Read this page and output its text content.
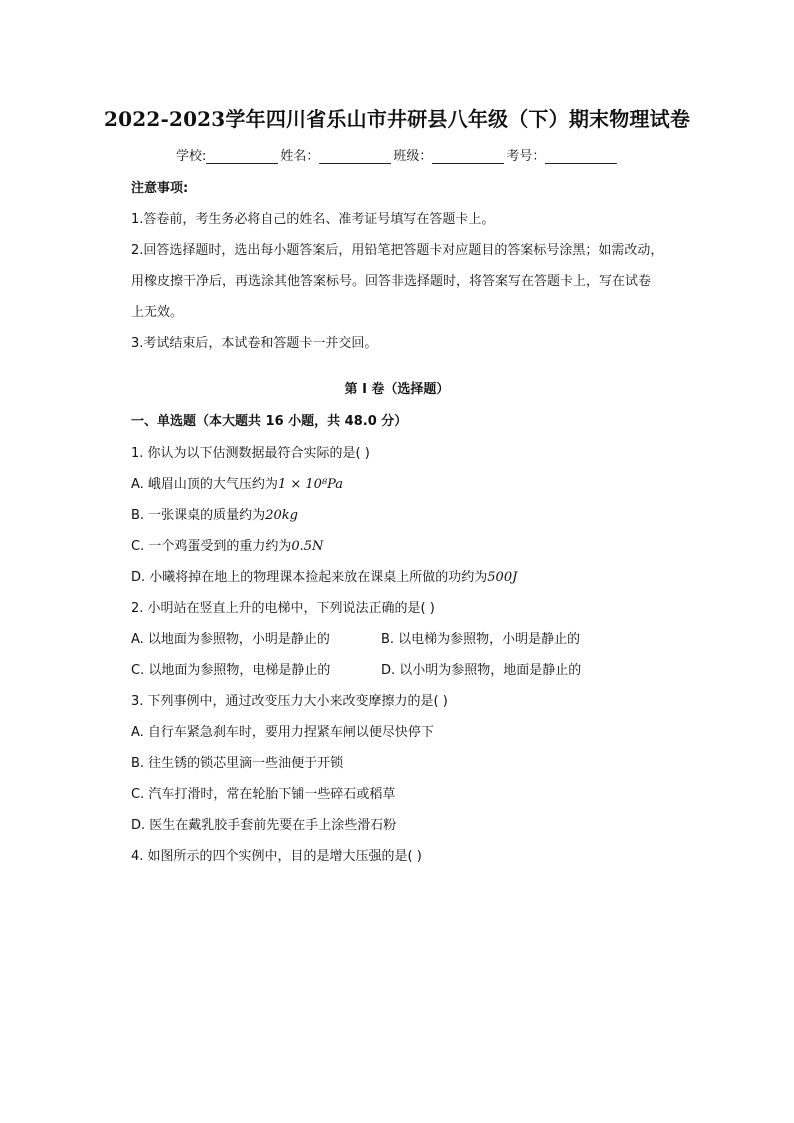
2022-2023学年四川省乐山市井研县八年级（下）期末物理试卷
学校:	姓名：	班级：	考号：
注意事项:
1.答卷前，考生务必将自己的姓名、准考证号填写在答题卡上。
2.回答选择题时，选出每小题答案后，用铅笔把答题卡对应题目的答案标号涂黑；如需改动，
用橡皮擦干净后，再选涂其他答案标号。回答非选择题时，将答案写在答题卡上，写在试卷
上无效。
3.考试结束后，本试卷和答题卡一并交回。
第 I 卷（选择题）
一、单选题（本大题共 16 小题，共 48.0 分）
1. 你认为以下估测数据最符合实际的是( )
A. 峨眉山顶的大气压约为1 × 10⁸Pa
B. 一张课桌的质量约为20kg
C. 一个鸡蛋受到的重力约为0.5N
D. 小曦将掉在地上的物理课本捡起来放在课桌上所做的功约为500J
2. 小明站在竖直上升的电梯中，下列说法正确的是( )
A. 以地面为参照物，小明是静止的	B. 以电梯为参照物，小明是静止的
C. 以地面为参照物，电梯是静止的	D. 以小明为参照物，地面是静止的
3. 下列事例中，通过改变压力大小来改变摩擦力的是( )
A. 自行车紧急刹车时，要用力捏紧车闸以便尽快停下
B. 往生锈的锁芯里滴一些油便于开锁
C. 汽车打滑时，常在轮胎下铺一些碎石或稻草
D. 医生在戴乳胶手套前先要在手上涂些滑石粉
4. 如图所示的四个实例中，目的是增大压强的是( )
